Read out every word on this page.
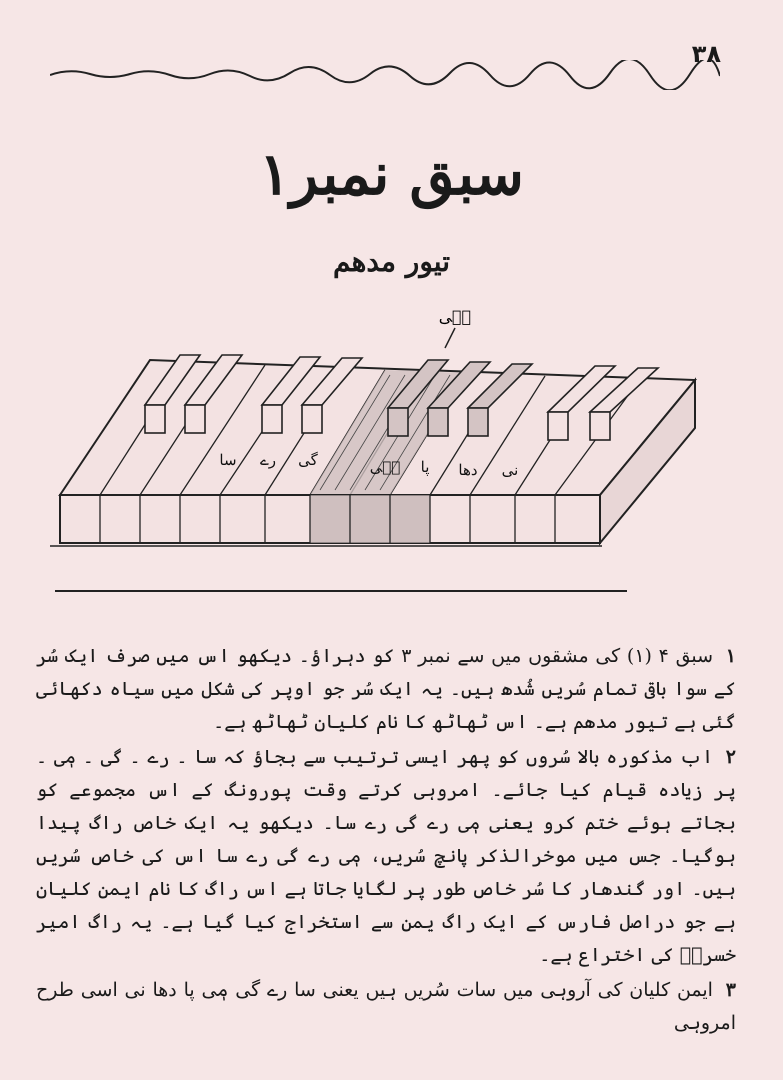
۳۸
سبق نمبر۱
تیور مدھم
مٖی
سا رے گی	مٖی پا دھا نی

۱ سبق ۴ (۱) کی مشقوں میں سے نمبر ۳ کو دہراؤ۔ دیکھو اس میں صرف ایک سُر کے سوا باقی تمام سُریں شُدھ ہیں۔ یہ ایک سُر جو اوپر کی شکل میں سیاہ دکھائی گئی ہے تیور مدھم ہے۔ اس ٹھاٹھ کا نام کلیان ٹھاٹھ ہے۔

۲ اب مذکورہ بالا سُروں کو پھر ایسی ترتیب سے بجاؤ کہ سا ۔ رے ۔ گی ۔ مٖی ۔ پر زیادہ قیام کیا جائے۔ امروہی کرتے وقت پورونگ کے اس مجموعے کو بجاتے ہوئے ختم کرو یعنی مٖی رے گی رے سا۔ دیکھو یہ ایک خاص راگ پیدا ہوگیا۔ جس میں موخرالذکر پانچ سُریں، مٖی رے گی رے سا اس کی خاص سُریں ہیں۔ اور گندھار کا سُر خاص طور پر لگایا جاتا ہے اس راگ کا نام ایمن کلیان ہے جو دراصل فارس کے ایک راگ یمن سے استخراج کیا گیا ہے۔ یہ راگ امیر خسروؒ کی اختراع ہے۔

۳ ایمن کلیان کی آروہی میں سات سُریں ہیں یعنی سا رے گی مٖی پا دھا نی اسی طرح امروہی
